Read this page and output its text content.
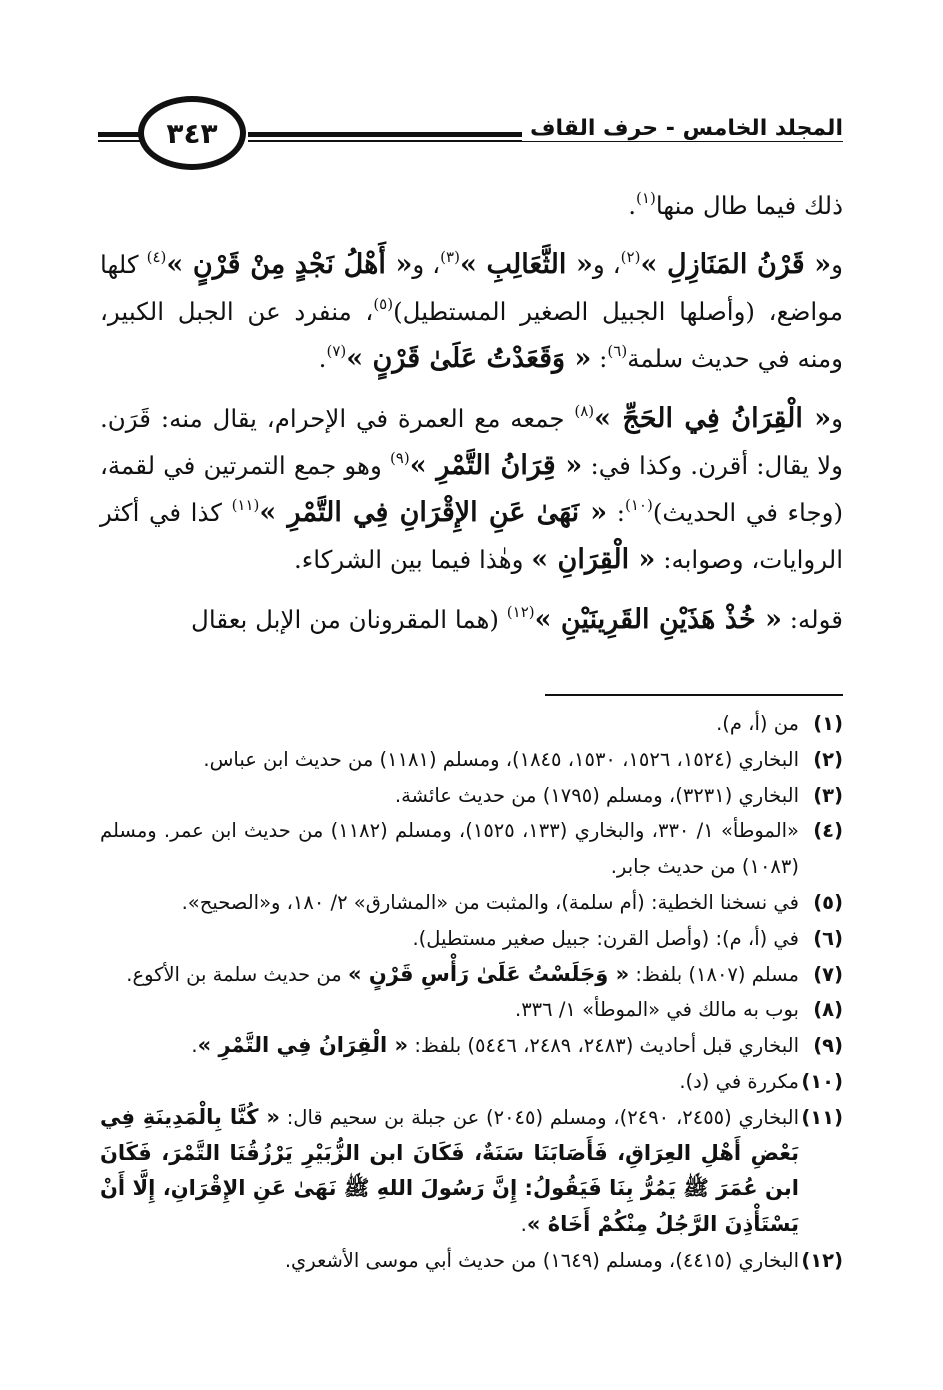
المجلد الخامس - حرف القاف
٣٤٣

ذلك فيما طال منها$^{(١)}$.

و« قَرْنُ المَنَازِلِ »$^{(٢)}$، و« الثَّعَالِبِ »$^{(٣)}$، و« أَهْلُ نَجْدٍ مِنْ قَرْنٍ »$^{(٤)}$ كلها مواضع، (وأصلها الجبيل الصغير المستطيل)$^{(٥)}$، منفرد عن الجبل الكبير، ومنه في حديث سلمة$^{(٦)}$: « وَقَعَدْتُ عَلَىٰ قَرْنٍ »$^{(٧)}$.

و« الْقِرَانُ فِي الحَجِّ »$^{(٨)}$ جمعه مع العمرة في الإحرام، يقال منه: قَرَن. ولا يقال: أقرن. وكذا في: « قِرَانُ التَّمْرِ »$^{(٩)}$ وهو جمع التمرتين في لقمة، (وجاء في الحديث)$^{(١٠)}$: « نَهَىٰ عَنِ الإِقْرَانِ فِي التَّمْرِ »$^{(١١)}$ كذا في أكثر الروايات، وصوابه: « الْقِرَانِ » وهٰذا فيما بين الشركاء.

قوله: « خُذْ هَذَيْنِ القَرِينَيْنِ »$^{(١٢)}$ (هما المقرونان من الإبل بعقال

(١)
من (أ، م).
(٢)
البخاري (١٥٢٤، ١٥٢٦، ١٥٣٠، ١٨٤٥)، ومسلم (١١٨١) من حديث ابن عباس.
(٣)
البخاري (٣٢٣١)، ومسلم (١٧٩٥) من حديث عائشة.
(٤)
«الموطأ» ١/ ٣٣٠، والبخاري (١٣٣، ١٥٢٥)، ومسلم (١١٨٢) من حديث ابن عمر. ومسلم (١٠٨٣) من حديث جابر.
(٥)
في نسخنا الخطية: (أم سلمة)، والمثبت من «المشارق» ٢/ ١٨٠، و«الصحيح».
(٦)
في (أ، م): (وأصل القرن: جبيل صغير مستطيل).
(٧)
مسلم (١٨٠٧) بلفظ: « وَجَلَسْتُ عَلَىٰ رَأْسِ قَرْنٍ » من حديث سلمة بن الأكوع.
(٨)
بوب به مالك في «الموطأ» ١/ ٣٣٦.
(٩)
البخاري قبل أحاديث (٢٤٨٣، ٢٤٨٩، ٥٤٤٦) بلفظ: « الْقِرَانُ فِي التَّمْرِ ».
(١٠)
مكررة في (د).
(١١)
البخاري (٢٤٥٥، ٢٤٩٠)، ومسلم (٢٠٤٥) عن جبلة بن سحيم قال: « كُنَّا بِالْمَدِينَةِ فِي بَعْضِ أَهْلِ العِرَاقِ، فَأَصَابَنَا سَنَةٌ، فَكَانَ ابن الزُّبَيْرِ يَرْزُقُنَا التَّمْرَ، فَكَانَ ابن عُمَرَ ﷺ يَمُرُّ بِنَا فَيَقُولُ: إِنَّ رَسُولَ اللهِ ﷺ نَهَىٰ عَنِ الإِقْرَانِ، إِلَّا أَنْ يَسْتَأْذِنَ الرَّجُلُ مِنْكُمْ أَخَاهُ ».
(١٢)
البخاري (٤٤١٥)، ومسلم (١٦٤٩) من حديث أبي موسى الأشعري.
